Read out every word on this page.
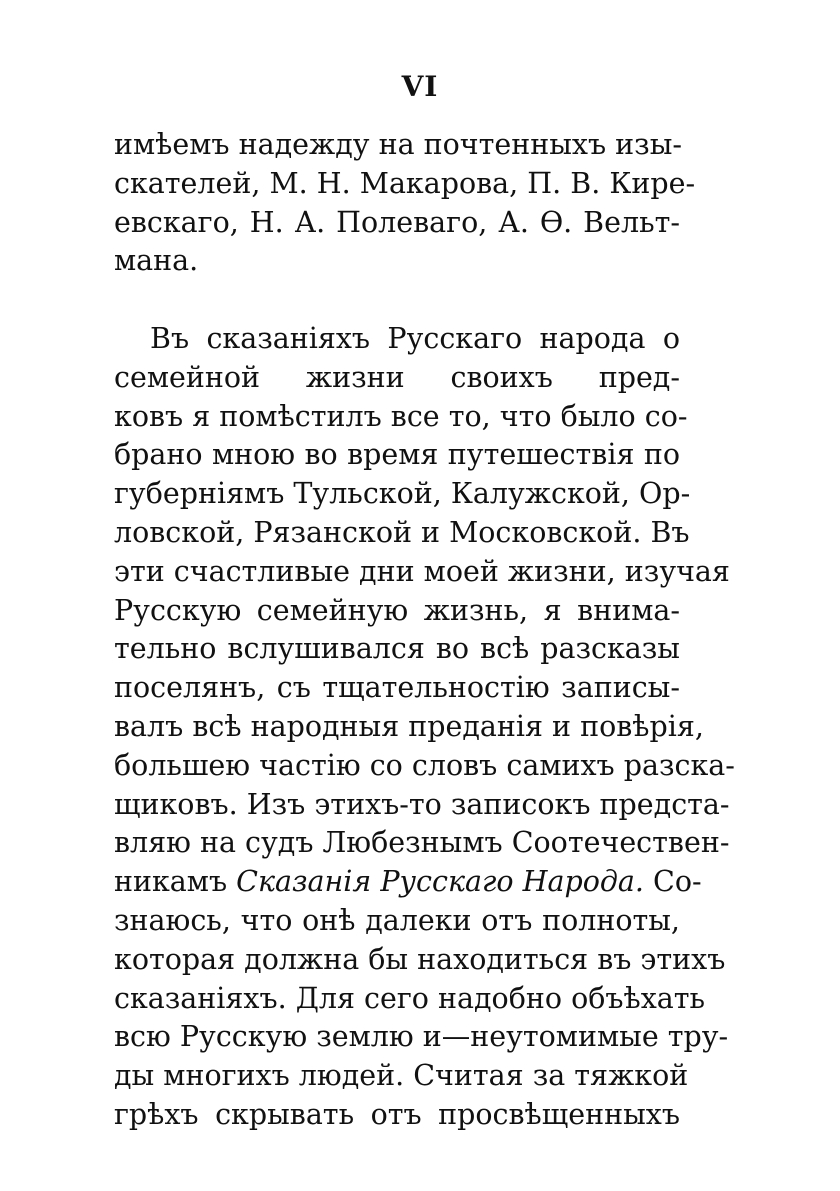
VI
имѣемъ надежду на почтенныхъ изы-
скателей, М. Н. Макарова, П. В. Кире-
евскаго, Н. А. Полеваго, А. Ѳ. Вельт-
мана.
Въ сказанiяхъ Русскаго народа о
семейной жизни своихъ пред-
ковъ я помѣстилъ все то, что было со-
брано мною во время путешествiя по
губернiямъ Тульской, Калужской, Ор-
ловской, Рязанской и Московской. Въ
эти счастливые дни моей жизни, изучая
Русскую семейную жизнь, я внима-
тельно вслушивался во всѣ разсказы
поселянъ, съ тщательностiю записы-
валъ всѣ народныя преданiя и повѣрiя,
большею частiю со словъ самихъ разска-
щиковъ. Изъ этихъ-то записокъ предста-
вляю на судъ Любезнымъ Соотечествен-
никамъ Сказанiя Русскаго Народа. Со-
знаюсь, что онѣ далеки отъ полноты,
которая должна бы находиться въ этихъ
сказанiяхъ. Для сего надобно объѣхать
всю Русскую землю и—неутомимые тру-
ды многихъ людей. Считая за тяжкой
грѣхъ скрывать отъ просвѣщенныхъ
